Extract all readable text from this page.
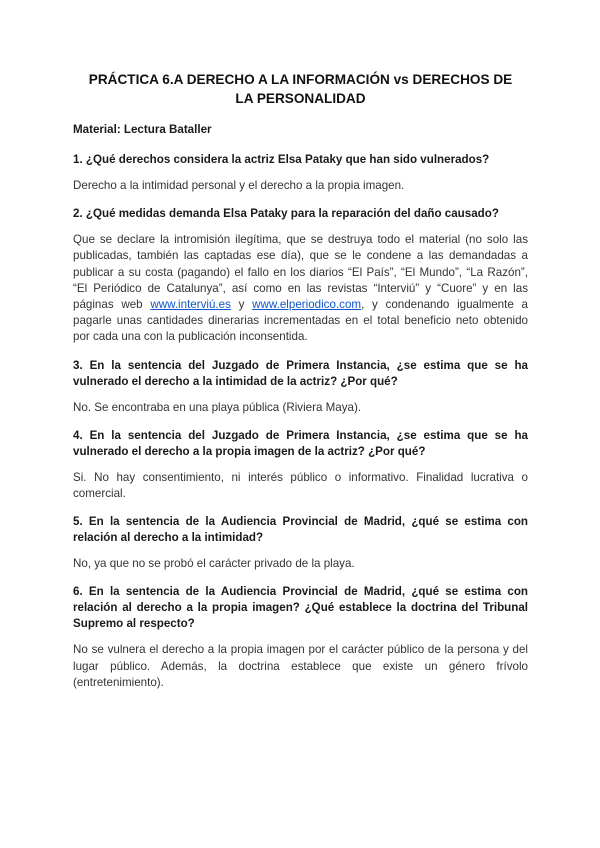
PRÁCTICA 6.A DERECHO A LA INFORMACIÓN vs DERECHOS DE
LA PERSONALIDAD

Material: Lectura Bataller

1. ¿Qué derechos considera la actriz Elsa Pataky que han sido vulnerados?

Derecho a la intimidad personal y el derecho a la propia imagen.

2. ¿Qué medidas demanda Elsa Pataky para la reparación del daño causado?

Que se declare la intromisión ilegítima, que se destruya todo el material (no solo las publicadas, también las captadas ese día), que se le condene a las demandadas a publicar a su costa (pagando) el fallo en los diarios “El País”, “El Mundo”, “La Razón”, “El Periódico de Catalunya”, así como en las revistas “Interviú” y “Cuore” y en las páginas web www.interviú.es y www.elperiodico.com, y condenando igualmente a pagarle unas cantidades dinerarias incrementadas en el total beneficio neto obtenido por cada una con la publicación inconsentida.

3. En la sentencia del Juzgado de Primera Instancia, ¿se estima que se ha vulnerado el derecho a la intimidad de la actriz? ¿Por qué?

No. Se encontraba en una playa pública (Riviera Maya).

4. En la sentencia del Juzgado de Primera Instancia, ¿se estima que se ha vulnerado el derecho a la propia imagen de la actriz? ¿Por qué?

Si. No hay consentimiento, ni interés público o informativo. Finalidad lucrativa o comercial.

5. En la sentencia de la Audiencia Provincial de Madrid, ¿qué se estima con relación al derecho a la intimidad?

No, ya que no se probó el carácter privado de la playa.

6. En la sentencia de la Audiencia Provincial de Madrid, ¿qué se estima con relación al derecho a la propia imagen? ¿Qué establece la doctrina del Tribunal Supremo al respecto?

No se vulnera el derecho a la propia imagen por el carácter público de la persona y del lugar público. Además, la doctrina establece que existe un género frívolo (entretenimiento).
